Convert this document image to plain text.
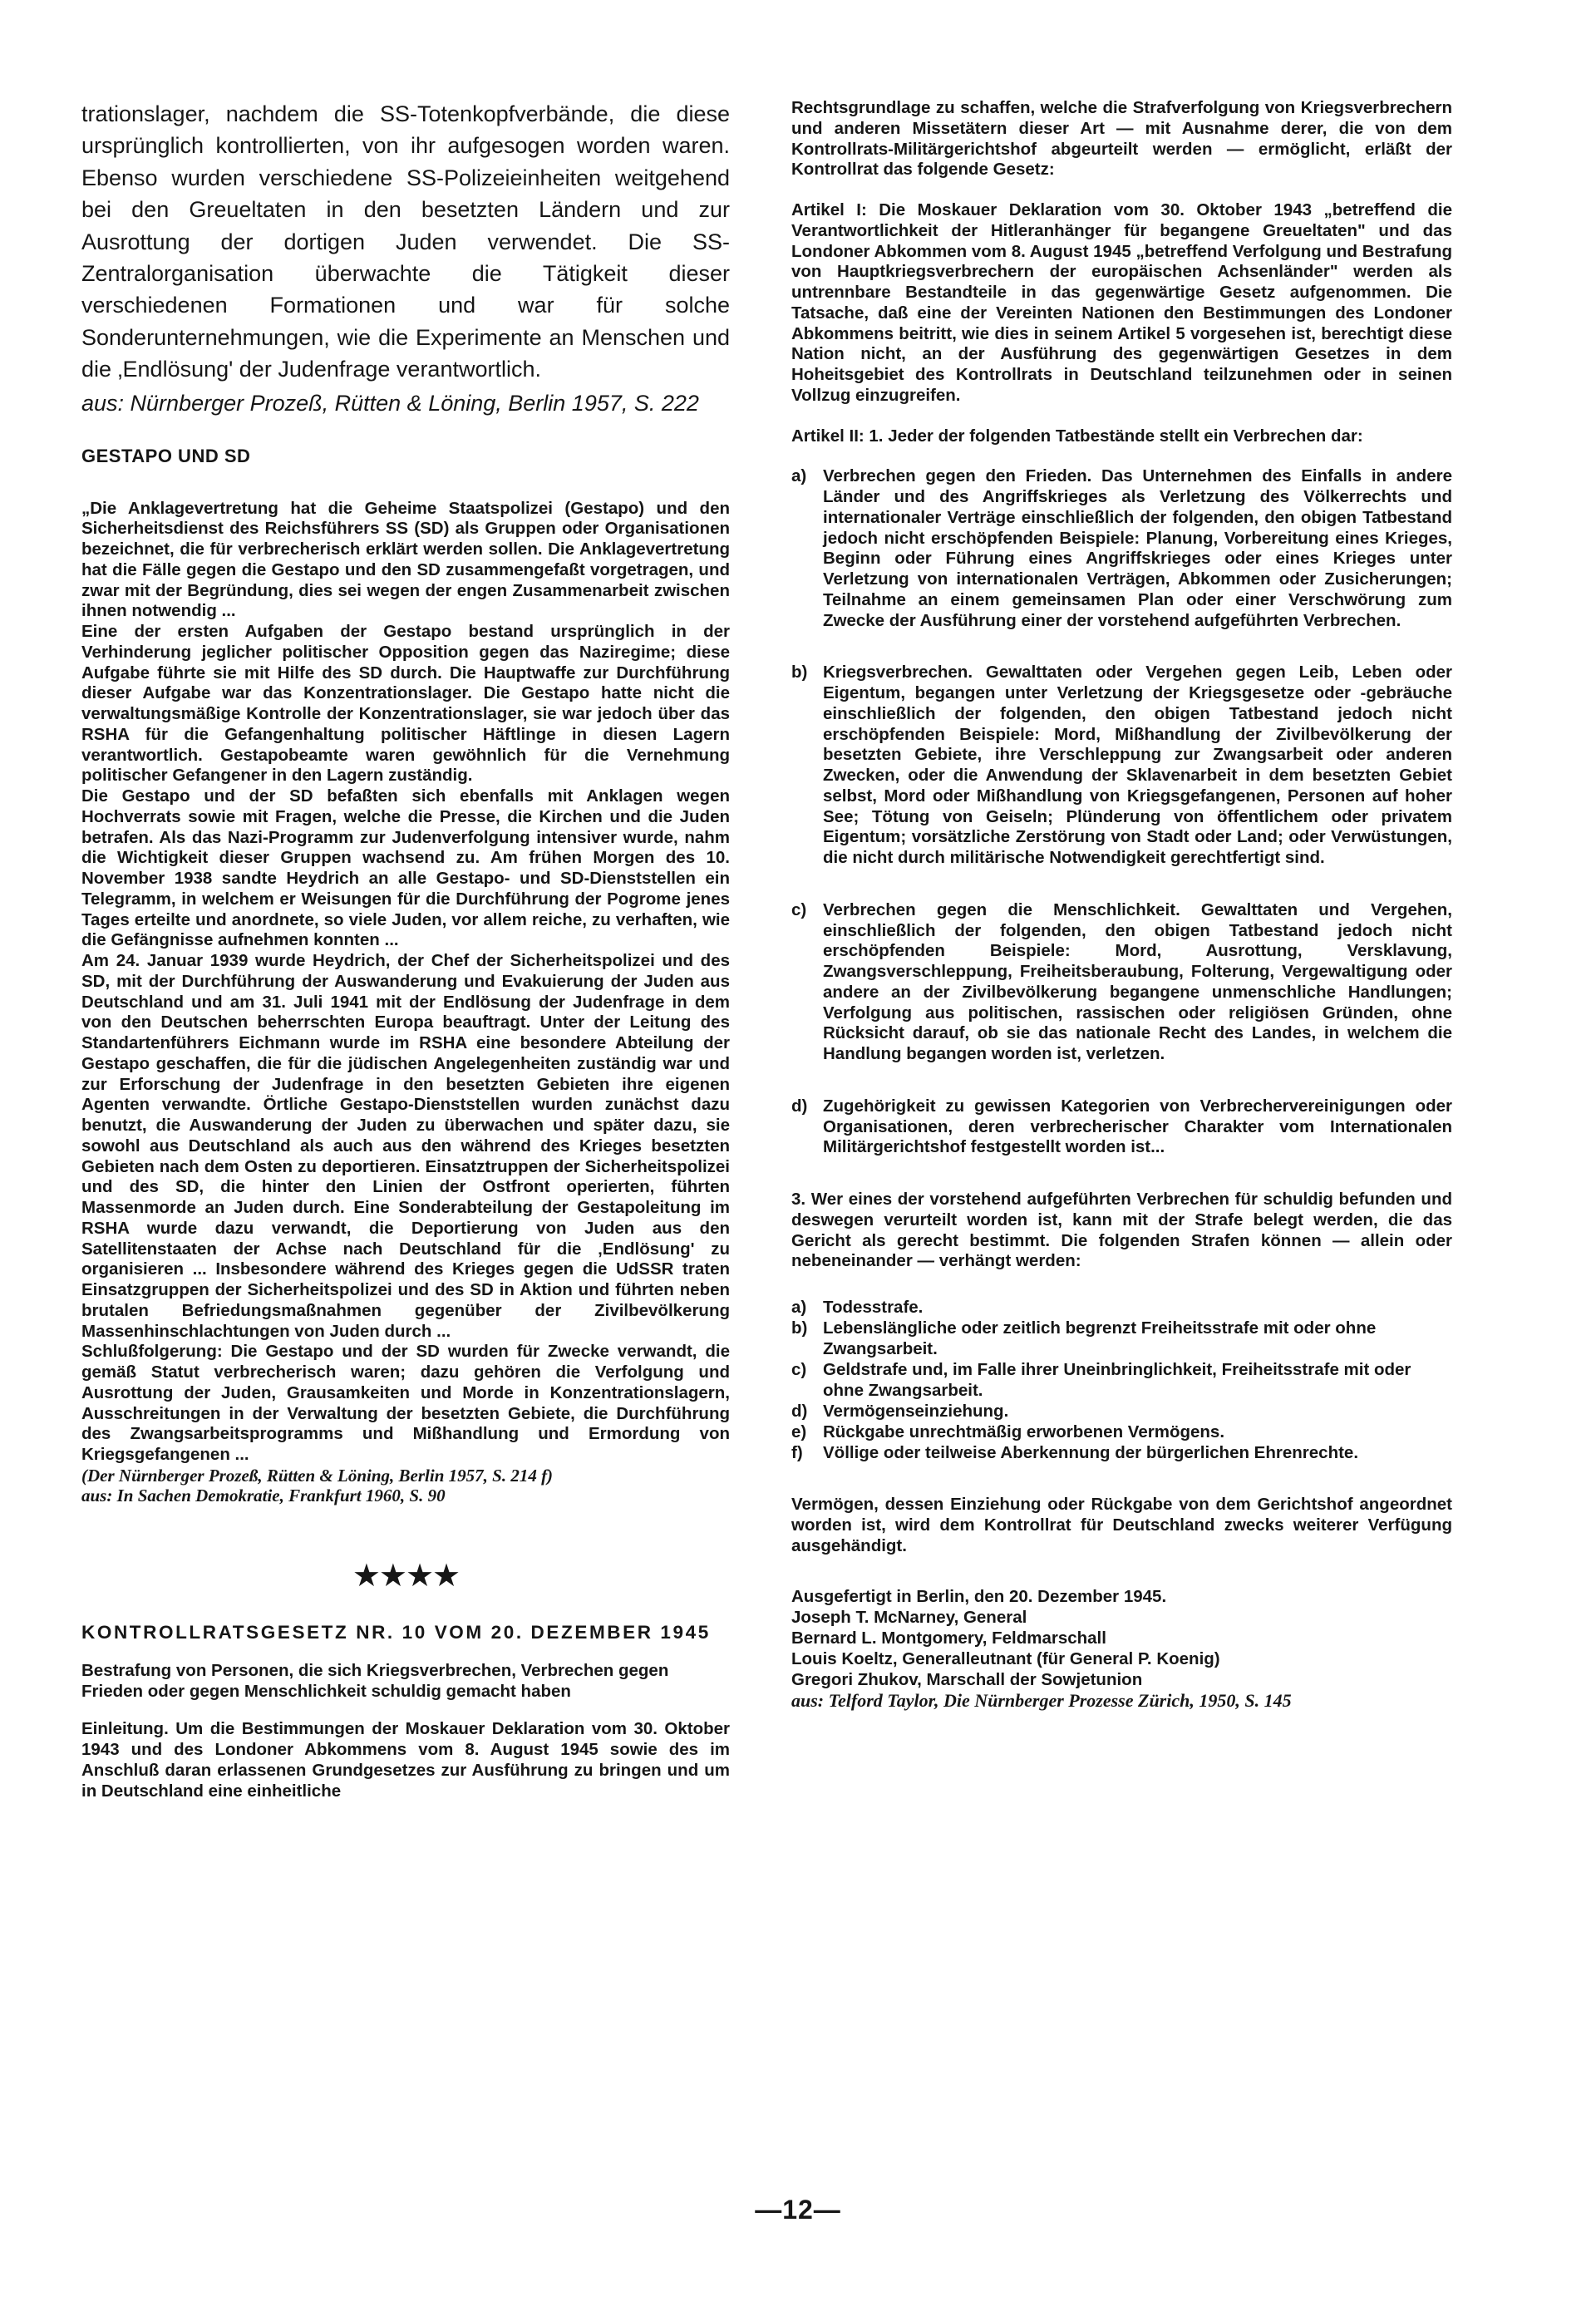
trationslager, nachdem die SS-Totenkopfverbände, die diese ursprünglich kontrollierten, von ihr aufgesogen worden waren. Ebenso wurden verschiedene SS-Polizeieinheiten weitgehend bei den Greueltaten in den besetzten Ländern und zur Ausrottung der dortigen Juden verwendet. Die SS-Zentralorganisation überwachte die Tätigkeit dieser verschiedenen Formationen und war für solche Sonderunternehmungen, wie die Experimente an Menschen und die ‚Endlösung' der Judenfrage verantwortlich.

aus: Nürnberger Prozeß, Rütten & Löning, Berlin 1957, S. 222

GESTAPO UND SD

„Die Anklagevertretung hat die Geheime Staatspolizei (Gestapo) und den Sicherheitsdienst des Reichsführers SS (SD) als Gruppen oder Organisationen bezeichnet, die für verbrecherisch erklärt werden sollen. Die Anklagevertretung hat die Fälle gegen die Gestapo und den SD zusammengefaßt vorgetragen, und zwar mit der Begründung, dies sei wegen der engen Zusammenarbeit zwischen ihnen notwendig ...

Eine der ersten Aufgaben der Gestapo bestand ursprünglich in der Verhinderung jeglicher politischer Opposition gegen das Naziregime; diese Aufgabe führte sie mit Hilfe des SD durch. Die Hauptwaffe zur Durchführung dieser Aufgabe war das Konzentrationslager. Die Gestapo hatte nicht die verwaltungsmäßige Kontrolle der Konzentrationslager, sie war jedoch über das RSHA für die Gefangenhaltung politischer Häftlinge in diesen Lagern verantwortlich. Gestapobeamte waren gewöhnlich für die Vernehmung politischer Gefangener in den Lagern zuständig.

Die Gestapo und der SD befaßten sich ebenfalls mit Anklagen wegen Hochverrats sowie mit Fragen, welche die Presse, die Kirchen und die Juden betrafen. Als das Nazi-Programm zur Judenverfolgung intensiver wurde, nahm die Wichtigkeit dieser Gruppen wachsend zu. Am frühen Morgen des 10. November 1938 sandte Heydrich an alle Gestapo- und SD-Dienststellen ein Telegramm, in welchem er Weisungen für die Durchführung der Pogrome jenes Tages erteilte und anordnete, so viele Juden, vor allem reiche, zu verhaften, wie die Gefängnisse aufnehmen konnten ...

Am 24. Januar 1939 wurde Heydrich, der Chef der Sicherheitspolizei und des SD, mit der Durchführung der Auswanderung und Evakuierung der Juden aus Deutschland und am 31. Juli 1941 mit der Endlösung der Judenfrage in dem von den Deutschen beherrschten Europa beauftragt. Unter der Leitung des Standartenführers Eichmann wurde im RSHA eine besondere Abteilung der Gestapo geschaffen, die für die jüdischen Angelegenheiten zuständig war und zur Erforschung der Judenfrage in den besetzten Gebieten ihre eigenen Agenten verwandte. Örtliche Gestapo-Dienststellen wurden zunächst dazu benutzt, die Auswanderung der Juden zu überwachen und später dazu, sie sowohl aus Deutschland als auch aus den während des Krieges besetzten Gebieten nach dem Osten zu deportieren. Einsatztruppen der Sicherheitspolizei und des SD, die hinter den Linien der Ostfront operierten, führten Massenmorde an Juden durch. Eine Sonderabteilung der Gestapoleitung im RSHA wurde dazu verwandt, die Deportierung von Juden aus den Satellitenstaaten der Achse nach Deutschland für die ‚Endlösung' zu organisieren ... Insbesondere während des Krieges gegen die UdSSR traten Einsatzgruppen der Sicherheitspolizei und des SD in Aktion und führten neben brutalen Befriedungsmaßnahmen gegenüber der Zivilbevölkerung Massenhinschlachtungen von Juden durch ...

Schlußfolgerung: Die Gestapo und der SD wurden für Zwecke verwandt, die gemäß Statut verbrecherisch waren; dazu gehören die Verfolgung und Ausrottung der Juden, Grausamkeiten und Morde in Konzentrationslagern, Ausschreitungen in der Verwaltung der besetzten Gebiete, die Durchführung des Zwangsarbeitsprogramms und Mißhandlung und Ermordung von Kriegsgefangenen ...

(Der Nürnberger Prozeß, Rütten & Löning, Berlin 1957, S. 214 f)

aus: In Sachen Demokratie, Frankfurt 1960, S. 90

★★★★

KONTROLLRATSGESETZ NR. 10 VOM 20. DEZEMBER 1945

Bestrafung von Personen, die sich Kriegsverbrechen, Verbrechen gegen Frieden oder gegen Menschlichkeit schuldig gemacht haben

Einleitung. Um die Bestimmungen der Moskauer Deklaration vom 30. Oktober 1943 und des Londoner Abkommens vom 8. August 1945 sowie des im Anschluß daran erlassenen Grundgesetzes zur Ausführung zu bringen und um in Deutschland eine einheitliche

Rechtsgrundlage zu schaffen, welche die Strafverfolgung von Kriegsverbrechern und anderen Missetätern dieser Art — mit Ausnahme derer, die von dem Kontrollrats-Militärgerichtshof abgeurteilt werden — ermöglicht, erläßt der Kontrollrat das folgende Gesetz:

Artikel I: Die Moskauer Deklaration vom 30. Oktober 1943 „betreffend die Verantwortlichkeit der Hitleranhänger für begangene Greueltaten" und das Londoner Abkommen vom 8. August 1945 „betreffend Verfolgung und Bestrafung von Hauptkriegsverbrechern der europäischen Achsenländer" werden als untrennbare Bestandteile in das gegenwärtige Gesetz aufgenommen. Die Tatsache, daß eine der Vereinten Nationen den Bestimmungen des Londoner Abkommens beitritt, wie dies in seinem Artikel 5 vorgesehen ist, berechtigt diese Nation nicht, an der Ausführung des gegenwärtigen Gesetzes in dem Hoheitsgebiet des Kontrollrats in Deutschland teilzunehmen oder in seinen Vollzug einzugreifen.

Artikel II: 1. Jeder der folgenden Tatbestände stellt ein Verbrechen dar:

a) Verbrechen gegen den Frieden. Das Unternehmen des Einfalls in andere Länder und des Angriffskrieges als Verletzung des Völkerrechts und internationaler Verträge einschließlich der folgenden, den obigen Tatbestand jedoch nicht erschöpfenden Beispiele: Planung, Vorbereitung eines Krieges, Beginn oder Führung eines Angriffskrieges oder eines Krieges unter Verletzung von internationalen Verträgen, Abkommen oder Zusicherungen; Teilnahme an einem gemeinsamen Plan oder einer Verschwörung zum Zwecke der Ausführung einer der vorstehend aufgeführten Verbrechen.
b) Kriegsverbrechen. Gewalttaten oder Vergehen gegen Leib, Leben oder Eigentum, begangen unter Verletzung der Kriegsgesetze oder -gebräuche einschließlich der folgenden, den obigen Tatbestand jedoch nicht erschöpfenden Beispiele: Mord, Mißhandlung der Zivilbevölkerung der besetzten Gebiete, ihre Verschleppung zur Zwangsarbeit oder anderen Zwecken, oder die Anwendung der Sklavenarbeit in dem besetzten Gebiet selbst, Mord oder Mißhandlung von Kriegsgefangenen, Personen auf hoher See; Tötung von Geiseln; Plünderung von öffentlichem oder privatem Eigentum; vorsätzliche Zerstörung von Stadt oder Land; oder Verwüstungen, die nicht durch militärische Notwendigkeit gerechtfertigt sind.
c) Verbrechen gegen die Menschlichkeit. Gewalttaten und Vergehen, einschließlich der folgenden, den obigen Tatbestand jedoch nicht erschöpfenden Beispiele: Mord, Ausrottung, Versklavung, Zwangsverschleppung, Freiheitsberaubung, Folterung, Vergewaltigung oder andere an der Zivilbevölkerung begangene unmenschliche Handlungen; Verfolgung aus politischen, rassischen oder religiösen Gründen, ohne Rücksicht darauf, ob sie das nationale Recht des Landes, in welchem die Handlung begangen worden ist, verletzen.
d) Zugehörigkeit zu gewissen Kategorien von Verbrechervereinigungen oder Organisationen, deren verbrecherischer Charakter vom Internationalen Militärgerichtshof festgestellt worden ist...

3. Wer eines der vorstehend aufgeführten Verbrechen für schuldig befunden und deswegen verurteilt worden ist, kann mit der Strafe belegt werden, die das Gericht als gerecht bestimmt. Die folgenden Strafen können — allein oder nebeneinander — verhängt werden:

a) Todesstrafe.
b) Lebenslängliche oder zeitlich begrenzt Freiheitsstrafe mit oder ohne Zwangsarbeit.
c) Geldstrafe und, im Falle ihrer Uneinbringlichkeit, Freiheitsstrafe mit oder ohne Zwangsarbeit.
d) Vermögenseinziehung.
e) Rückgabe unrechtmäßig erworbenen Vermögens.
f)	Völlige oder teilweise Aberkennung der bürgerlichen Ehrenrechte.

Vermögen, dessen Einziehung oder Rückgabe von dem Gerichtshof angeordnet worden ist, wird dem Kontrollrat für Deutschland zwecks weiterer Verfügung ausgehändigt.

Ausgefertigt in Berlin, den 20. Dezember 1945.

Joseph T. McNarney, General

Bernard L. Montgomery, Feldmarschall

Louis Koeltz, Generalleutnant (für General P. Koenig)

Gregori Zhukov, Marschall der Sowjetunion

aus: Telford Taylor, Die Nürnberger Prozesse Zürich, 1950, S. 145

—12—
